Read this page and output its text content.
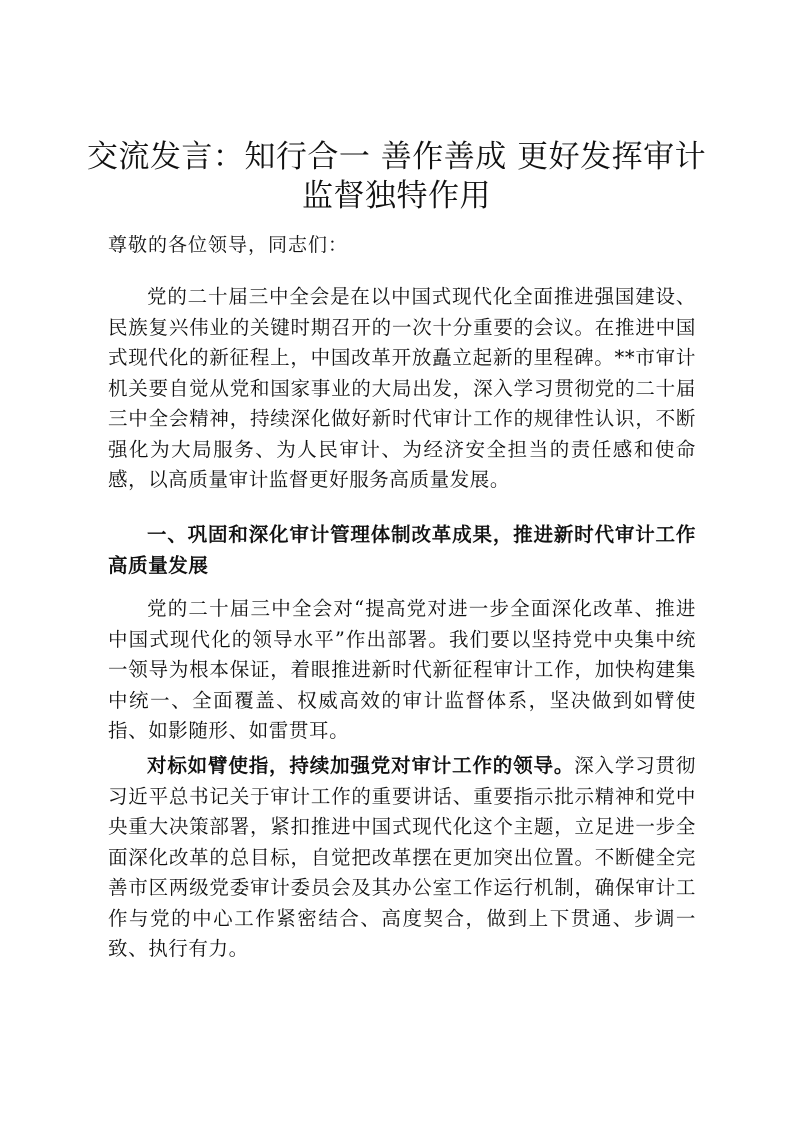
交流发言：知行合一 善作善成 更好发挥审计
监督独特作用
尊敬的各位领导，同志们：
党的二十届三中全会是在以中国式现代化全面推进强国建设、民族复兴伟业的关键时期召开的一次十分重要的会议。在推进中国式现代化的新征程上，中国改革开放矗立起新的里程碑。**市审计机关要自觉从党和国家事业的大局出发，深入学习贯彻党的二十届三中全会精神，持续深化做好新时代审计工作的规律性认识，不断强化为大局服务、为人民审计、为经济安全担当的责任感和使命感，以高质量审计监督更好服务高质量发展。
一、巩固和深化审计管理体制改革成果，推进新时代审计工作高质量发展
党的二十届三中全会对“提高党对进一步全面深化改革、推进中国式现代化的领导水平”作出部署。我们要以坚持党中央集中统一领导为根本保证，着眼推进新时代新征程审计工作，加快构建集中统一、全面覆盖、权威高效的审计监督体系，坚决做到如臂使指、如影随形、如雷贯耳。
对标如臂使指，持续加强党对审计工作的领导。深入学习贯彻习近平总书记关于审计工作的重要讲话、重要指示批示精神和党中央重大决策部署，紧扣推进中国式现代化这个主题，立足进一步全面深化改革的总目标，自觉把改革摆在更加突出位置。不断健全完善市区两级党委审计委员会及其办公室工作运行机制，确保审计工作与党的中心工作紧密结合、高度契合，做到上下贯通、步调一致、执行有力。
